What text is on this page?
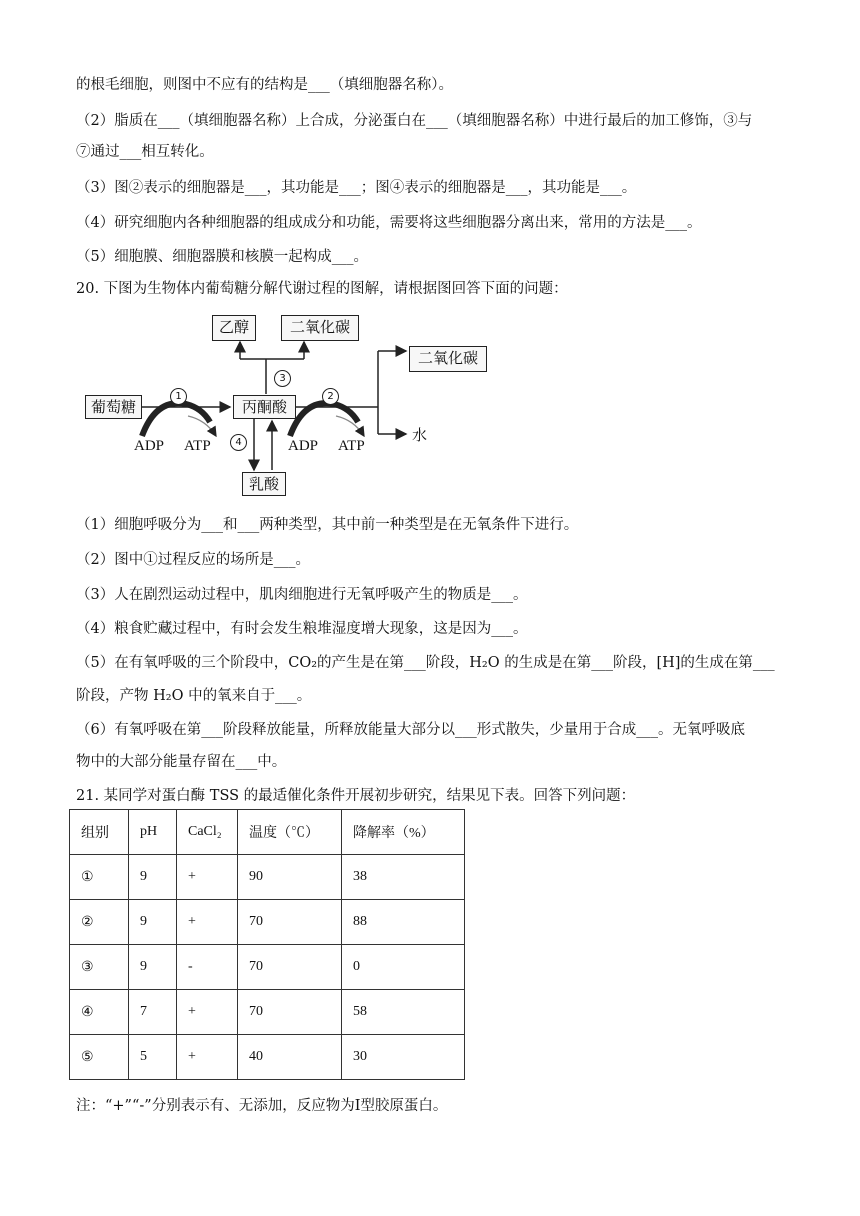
的根毛细胞，则图中不应有的结构是___（填细胞器名称）。
（2）脂质在___（填细胞器名称）上合成，分泌蛋白在___（填细胞器名称）中进行最后的加工修饰，③与
⑦通过___相互转化。
（3）图②表示的细胞器是___，其功能是___；图④表示的细胞器是___，其功能是___。
（4）研究细胞内各种细胞器的组成成分和功能，需要将这些细胞器分离出来，常用的方法是___。
（5）细胞膜、细胞器膜和核膜一起构成___。
20. 下图为生物体内葡萄糖分解代谢过程的图解，请根据图回答下面的问题：
葡萄糖	丙酮酸
乙醇	二氧化碳
二氧化碳
乳酸
水
ADP ATP	ADP ATP
1	2
3
4
（1）细胞呼吸分为___和___两种类型，其中前一种类型是在无氧条件下进行。
（2）图中①过程反应的场所是___。
（3）人在剧烈运动过程中，肌肉细胞进行无氧呼吸产生的物质是___。
（4）粮食贮藏过程中，有时会发生粮堆湿度增大现象，这是因为___。
（5）在有氧呼吸的三个阶段中，CO₂的产生是在第___阶段，H₂O 的生成是在第___阶段，[H]的生成在第___
阶段，产物 H₂O 中的氧来自于___。
（6）有氧呼吸在第___阶段释放能量，所释放能量大部分以___形式散失，少量用于合成___。无氧呼吸底
物中的大部分能量存留在___中。
21. 某同学对蛋白酶 TSS 的最适催化条件开展初步研究，结果见下表。回答下列问题：
组别	pH	CaCl₂	温度（℃）	降解率（%）
①	9	+	90	38
②	9	+	70	88
③	9	-	70	0
④	7	+	70	58
⑤	5	+	40	30
注：“+”“-”分别表示有、无添加，反应物为Ⅰ型胶原蛋白。
